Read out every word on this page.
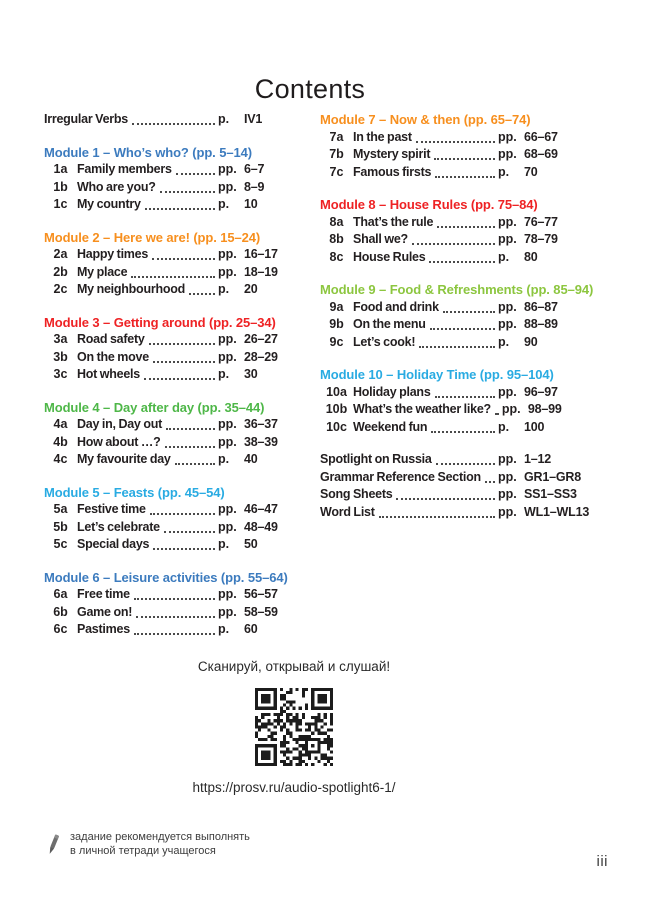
Contents
Irregular Verbs	p.	IV1
Module 1 – Who’s who? (pp. 5–14)
1a Family members	pp. 6–7
1b Who are you?	pp. 8–9
1c My country	p.	10
Module 2 – Here we are! (pp. 15–24)
2a Happy times	pp. 16–17
2b My place	pp. 18–19
2c My neighbourhood	p.	20
Module 3 – Getting around (pp. 25–34)
3a Road safety	pp. 26–27
3b On the move	pp. 28–29
3c Hot wheels	p.	30
Module 4 – Day after day (pp. 35–44)
4a Day in, Day out	pp. 36–37
4b How about …?	pp. 38–39
4c My favourite day	p.	40
Module 5 – Feasts (pp. 45–54)
5a Festive time	pp. 46–47
5b Let’s celebrate	pp. 48–49
5c Special days	p.	50
Module 6 – Leisure activities (pp. 55–64)
6a Free time	pp. 56–57
6b Game on!	pp. 58–59
6c Pastimes	p.	60
Module 7 – Now & then (pp. 65–74)
7a In the past	pp. 66–67
7b Mystery spirit	pp. 68–69
7c Famous firsts	p.	70
Module 8 – House Rules (pp. 75–84)
8a That’s the rule	pp. 76–77
8b Shall we?	pp. 78–79
8c House Rules	p.	80
Module 9 – Food & Refreshments (pp. 85–94)
9a Food and drink	pp. 86–87
9b On the menu	pp. 88–89
9c Let’s cook!	p.	90
Module 10 – Holiday Time (pp. 95–104)
10a Holiday plans	pp. 96–97
10b What’s the weather like? pp. 98–99
10c Weekend fun	p.	100
Spotlight on Russia	pp. 1–12
Grammar Reference Section pp. GR1–GR8
Song Sheets	pp. SS1–SS3
Word List	pp. WL1–WL13
Сканируй, открывай и слушай!
https://prosv.ru/audio-spotlight6-1/
задание рекомендуется выполнять
в личной тетради учащегося
iii
